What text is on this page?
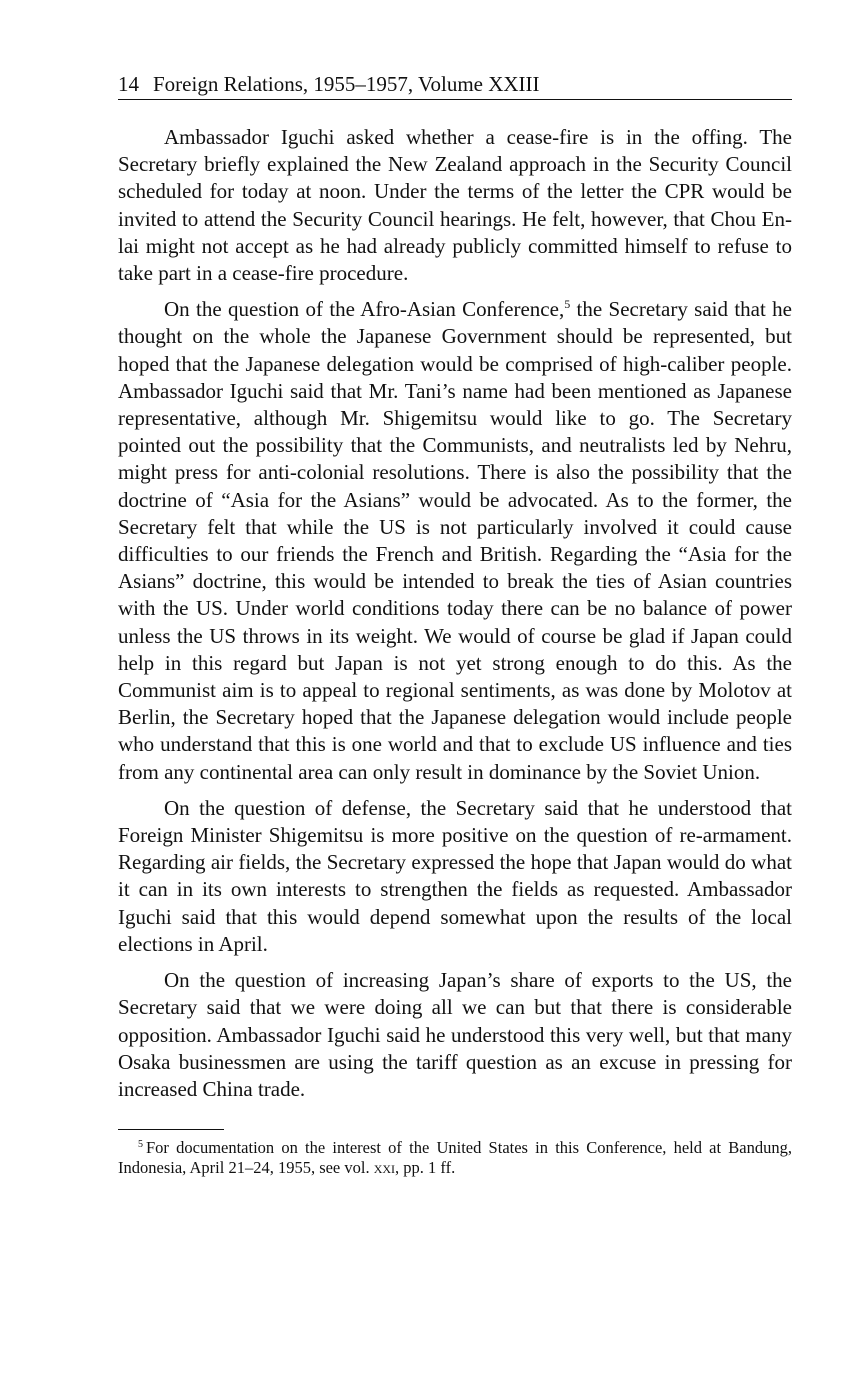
14 Foreign Relations, 1955–1957, Volume XXIII

Ambassador Iguchi asked whether a cease-fire is in the offing. The Secretary briefly explained the New Zealand approach in the Security Council scheduled for today at noon. Under the terms of the letter the CPR would be invited to attend the Security Council hearings. He felt, however, that Chou En-lai might not accept as he had already publicly committed himself to refuse to take part in a cease-fire procedure.

On the question of the Afro-Asian Conference,$^5$ the Secretary said that he thought on the whole the Japanese Government should be represented, but hoped that the Japanese delegation would be comprised of high-caliber people. Ambassador Iguchi said that Mr. Tani’s name had been mentioned as Japanese representative, although Mr. Shigemitsu would like to go. The Secretary pointed out the possibility that the Communists, and neutralists led by Nehru, might press for anti-colonial resolutions. There is also the possibility that the doctrine of “Asia for the Asians” would be advocated. As to the former, the Secretary felt that while the US is not particularly involved it could cause difficulties to our friends the French and British. Regarding the “Asia for the Asians” doctrine, this would be intended to break the ties of Asian countries with the US. Under world conditions today there can be no balance of power unless the US throws in its weight. We would of course be glad if Japan could help in this regard but Japan is not yet strong enough to do this. As the Communist aim is to appeal to regional sentiments, as was done by Molotov at Berlin, the Secretary hoped that the Japanese delegation would include people who understand that this is one world and that to exclude US influence and ties from any continental area can only result in dominance by the Soviet Union.

On the question of defense, the Secretary said that he understood that Foreign Minister Shigemitsu is more positive on the question of re-armament. Regarding air fields, the Secretary expressed the hope that Japan would do what it can in its own interests to strengthen the fields as requested. Ambassador Iguchi said that this would depend somewhat upon the results of the local elections in April.

On the question of increasing Japan’s share of exports to the US, the Secretary said that we were doing all we can but that there is considerable opposition. Ambassador Iguchi said he understood this very well, but that many Osaka businessmen are using the tariff question as an excuse in pressing for increased China trade.

$^5$ For documentation on the interest of the United States in this Conference, held at Bandung, Indonesia, April 21–24, 1955, see vol. xxi, pp. 1 ff.
